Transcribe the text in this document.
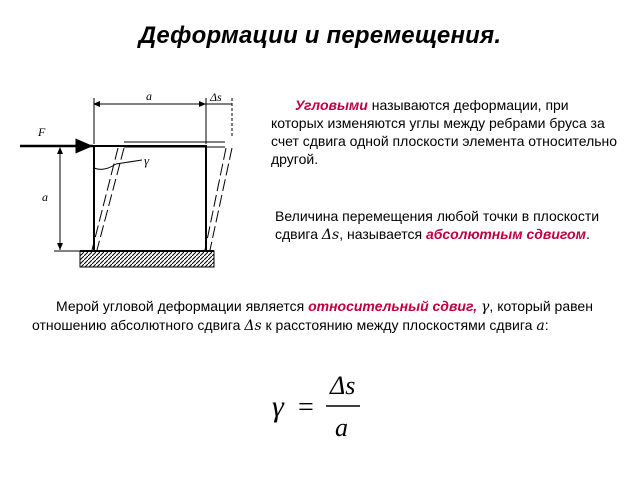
Деформации и перемещения.
a	Δs
F
γ
a
Угловыми называются деформации, при которых изменяются углы между ребрами бруса за счет сдвига одной плоскости элемента относительно другой.
Величина перемещения любой точки в плоскости сдвига Δs, называется абсолютным сдвигом.
Мерой угловой деформации является относительный сдвиг, γ, который равен отношению абсолютного сдвига Δs к расстоянию между плоскостями сдвига a:
γ =
Δs
a
